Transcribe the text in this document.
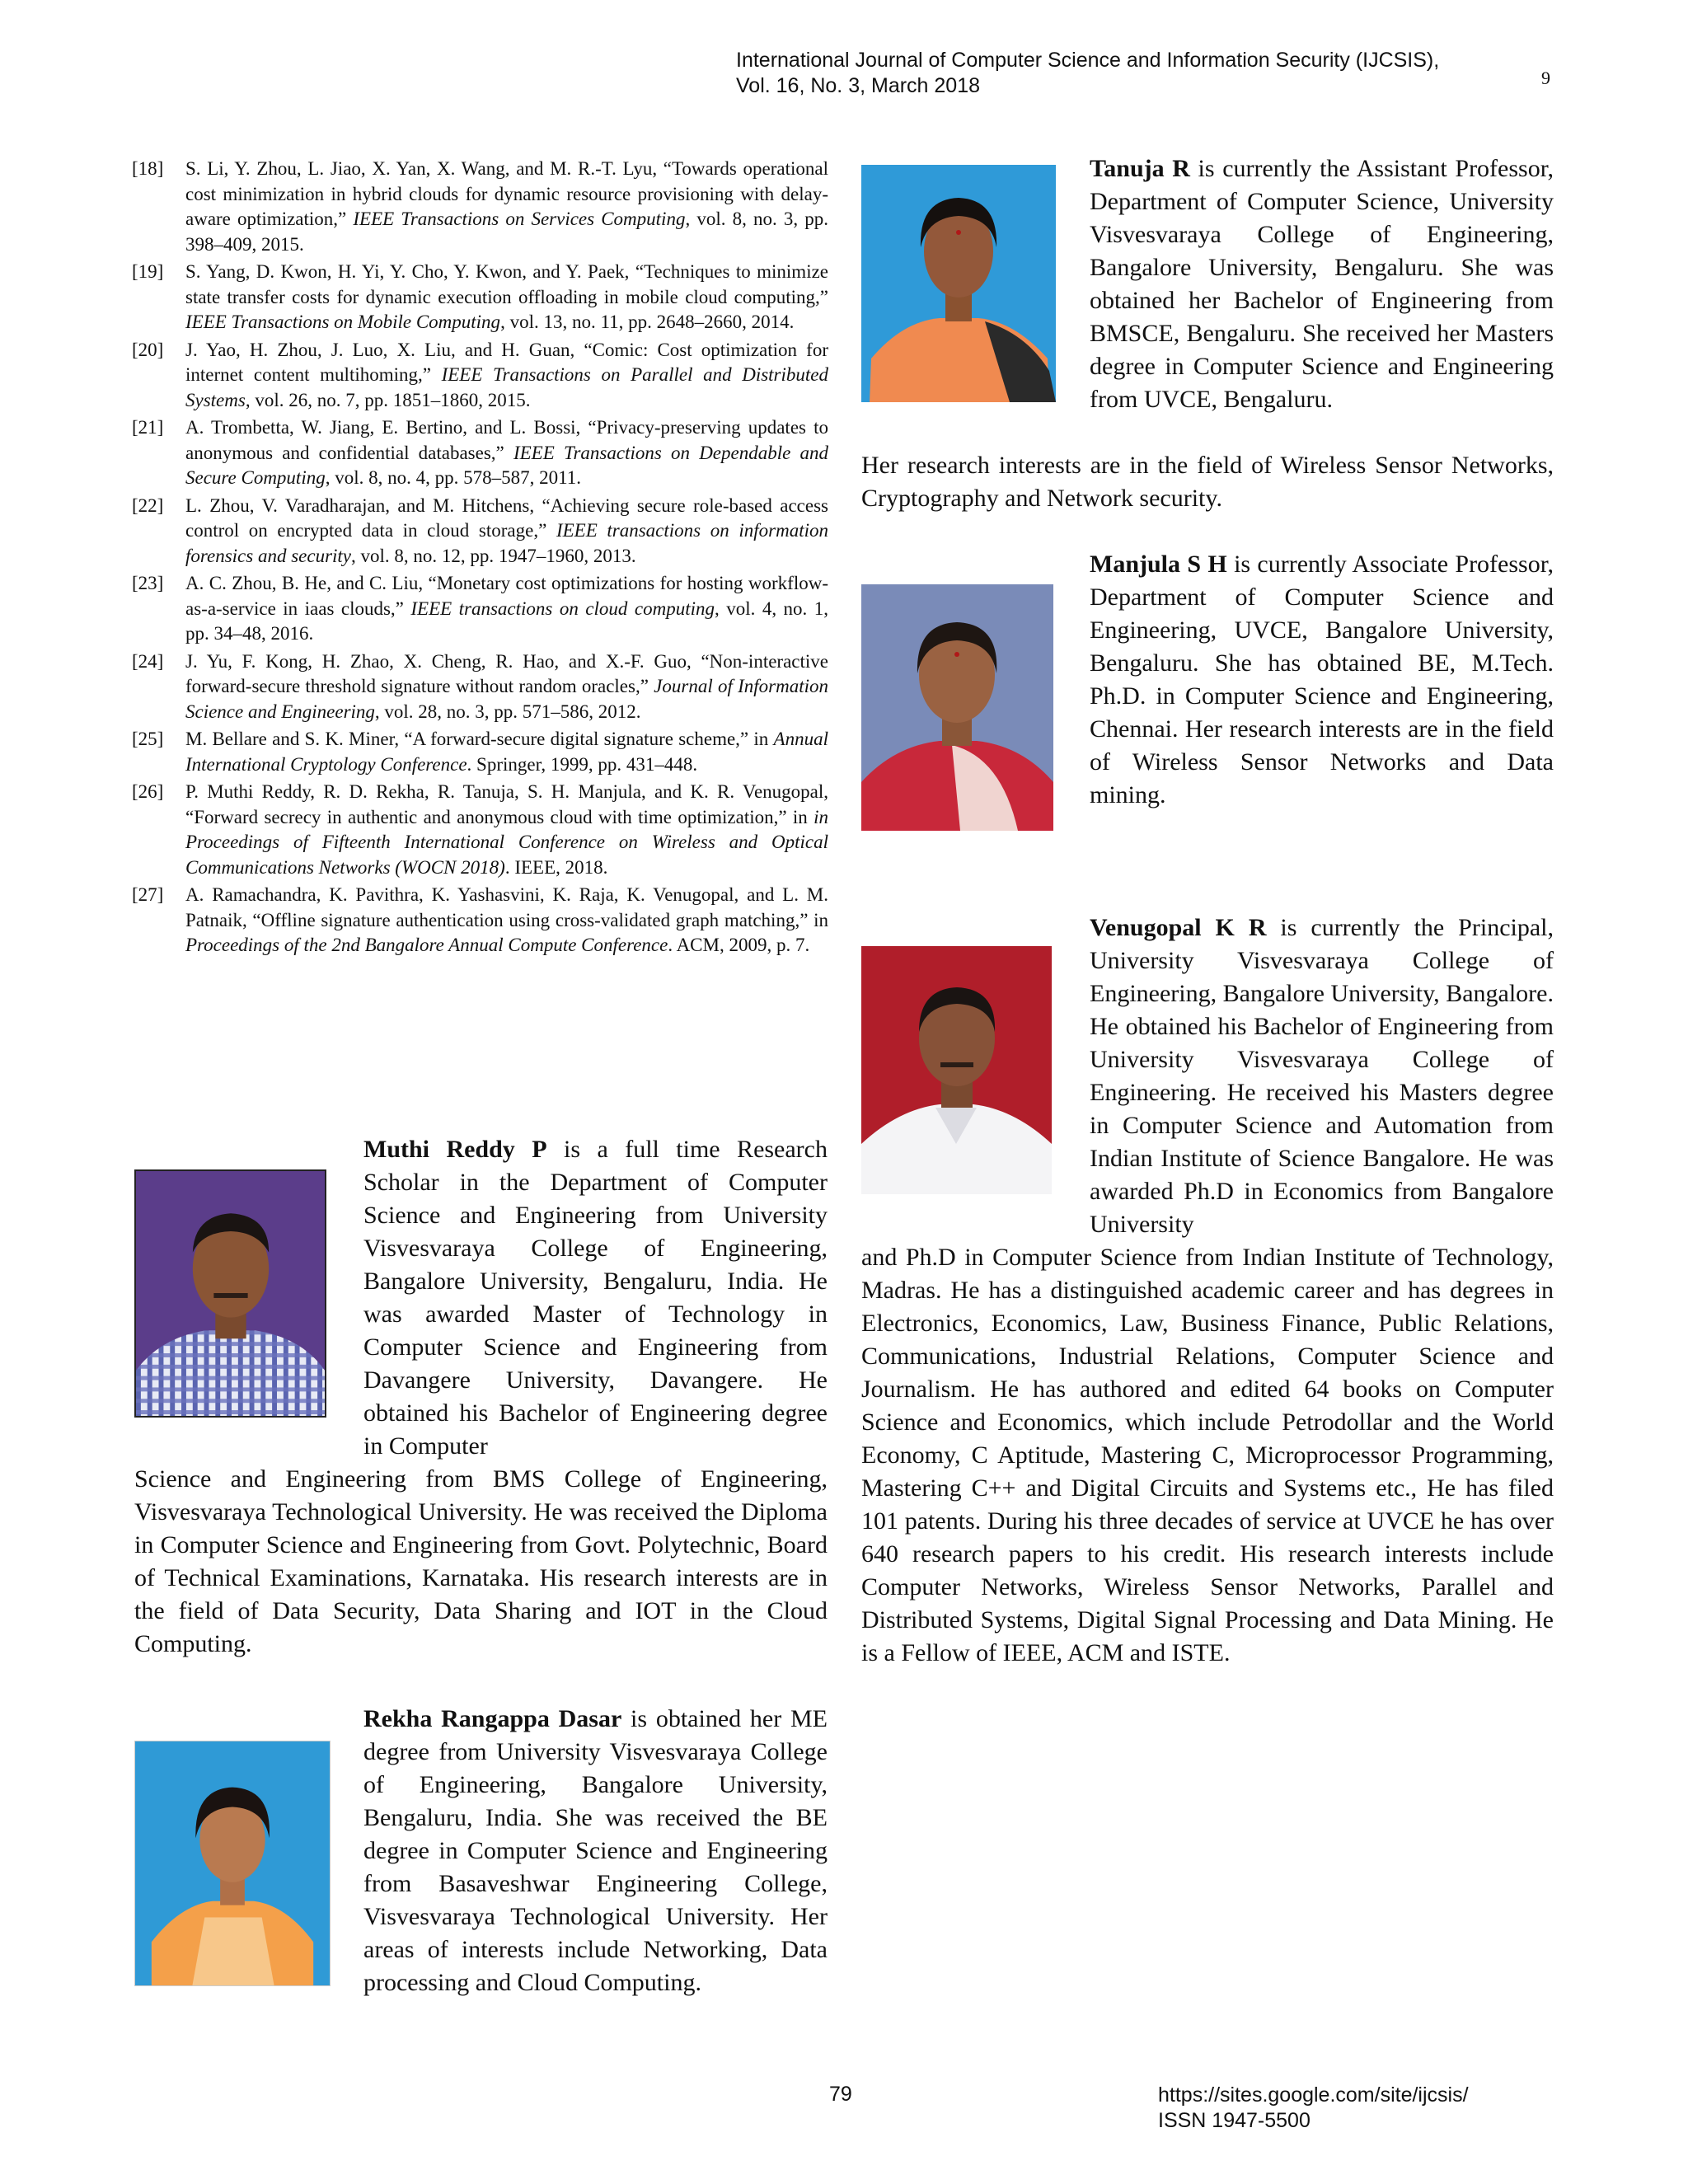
International Journal of Computer Science and Information Security (IJCSIS),
Vol. 16, No. 3, March 2018	9
[18]	S. Li, Y. Zhou, L. Jiao, X. Yan, X. Wang, and M. R.-T. Lyu, “Towards operational cost minimization in hybrid clouds for dynamic resource provisioning with delay-aware optimization,” IEEE Transactions on Services Computing, vol. 8, no. 3, pp. 398–409, 2015.
[19]	S. Yang, D. Kwon, H. Yi, Y. Cho, Y. Kwon, and Y. Paek, “Techniques to minimize state transfer costs for dynamic execution offloading in mobile cloud computing,” IEEE Transactions on Mobile Computing, vol. 13, no. 11, pp. 2648–2660, 2014.
[20]	J. Yao, H. Zhou, J. Luo, X. Liu, and H. Guan, “Comic: Cost optimization for internet content multihoming,” IEEE Transactions on Parallel and Distributed Systems, vol. 26, no. 7, pp. 1851–1860, 2015.
[21]	A. Trombetta, W. Jiang, E. Bertino, and L. Bossi, “Privacy-preserving updates to anonymous and confidential databases,” IEEE Transactions on Dependable and Secure Computing, vol. 8, no. 4, pp. 578–587, 2011.
[22]	L. Zhou, V. Varadharajan, and M. Hitchens, “Achieving secure role-based access control on encrypted data in cloud storage,” IEEE transactions on information forensics and security, vol. 8, no. 12, pp. 1947–1960, 2013.
[23]	A. C. Zhou, B. He, and C. Liu, “Monetary cost optimizations for hosting workflow-as-a-service in iaas clouds,” IEEE transactions on cloud computing, vol. 4, no. 1, pp. 34–48, 2016.
[24]	J. Yu, F. Kong, H. Zhao, X. Cheng, R. Hao, and X.-F. Guo, “Non-interactive forward-secure threshold signature without random oracles,” Journal of Information Science and Engineering, vol. 28, no. 3, pp. 571–586, 2012.
[25]	M. Bellare and S. K. Miner, “A forward-secure digital signature scheme,” in Annual International Cryptology Conference. Springer, 1999, pp. 431–448.
[26]	P. Muthi Reddy, R. D. Rekha, R. Tanuja, S. H. Manjula, and K. R. Venugopal, “Forward secrecy in authentic and anonymous cloud with time optimization,” in in Proceedings of Fifteenth International Conference on Wireless and Optical Communications Networks (WOCN 2018). IEEE, 2018.
[27]	A. Ramachandra, K. Pavithra, K. Yashasvini, K. Raja, K. Venugopal, and L. M. Patnaik, “Offline signature authentication using cross-validated graph matching,” in Proceedings of the 2nd Bangalore Annual Compute Conference. ACM, 2009, p. 7.
Muthi Reddy P is a full time Research Scholar in the Department of Computer Science and Engineering from University Visvesvaraya College of Engineering, Bangalore University, Bengaluru, India. He was awarded Master of Technology in Computer Science and Engineering from Davangere University, Davangere. He obtained his Bachelor of Engineering degree in Computer
Science and Engineering from BMS College of Engineering, Visvesvaraya Technological University. He was received the Diploma in Computer Science and Engineering from Govt. Polytechnic, Board of Technical Examinations, Karnataka. His research interests are in the field of Data Security, Data Sharing and IOT in the Cloud Computing.
Rekha Rangappa Dasar is obtained her ME degree from University Visvesvaraya College of Engineering, Bangalore University, Bengaluru, India. She was received the BE degree in Computer Science and Engineering from Basaveshwar Engineering College, Visvesvaraya Technological University. Her areas of interests include Networking, Data processing and Cloud Computing.
Tanuja R is currently the Assistant Professor, Department of Computer Science, University Visvesvaraya College of Engineering, Bangalore University, Bengaluru. She was obtained her Bachelor of Engineering from BMSCE, Bengaluru. She received her Masters degree in Computer Science and Engineering from UVCE, Bengaluru.
Her research interests are in the field of Wireless Sensor Networks, Cryptography and Network security.
Manjula S H is currently Associate Professor, Department of Computer Science and Engineering, UVCE, Bangalore University, Bengaluru. She has obtained BE, M.Tech. Ph.D. in Computer Science and Engineering, Chennai. Her research interests are in the field of Wireless Sensor Networks and Data mining.
Venugopal K R is currently the Principal, University Visvesvaraya College of Engineering, Bangalore University, Bangalore. He obtained his Bachelor of Engineering from University Visvesvaraya College of Engineering. He received his Masters degree in Computer Science and Automation from Indian Institute of Science Bangalore. He was awarded Ph.D in Economics from Bangalore University
and Ph.D in Computer Science from Indian Institute of Technology, Madras. He has a distinguished academic career and has degrees in Electronics, Economics, Law, Business Finance, Public Relations, Communications, Industrial Relations, Computer Science and Journalism. He has authored and edited 64 books on Computer Science and Economics, which include Petrodollar and the World Economy, C Aptitude, Mastering C, Microprocessor Programming, Mastering C++ and Digital Circuits and Systems etc., He has filed 101 patents. During his three decades of service at UVCE he has over 640 research papers to his credit. His research interests include Computer Networks, Wireless Sensor Networks, Parallel and Distributed Systems, Digital Signal Processing and Data Mining. He is a Fellow of IEEE, ACM and ISTE.
79	https://sites.google.com/site/ijcsis/
ISSN 1947-5500
